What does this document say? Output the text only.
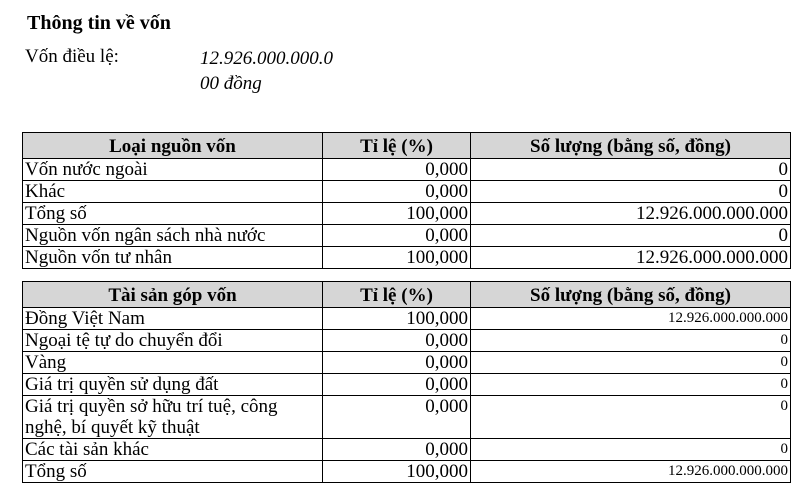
Thông tin về vốn
Vốn điều lệ:	12.926.000.000.0
00 đồng
Loại nguồn vốn	Tỉ lệ (%)	Số lượng (bằng số, đồng)
Vốn nước ngoài	0,000	0
Khác	0,000	0
Tổng số	100,000	12.926.000.000.000
Nguồn vốn ngân sách nhà nước	0,000	0
Nguồn vốn tư nhân	100,000	12.926.000.000.000
Tài sản góp vốn	Tỉ lệ (%)	Số lượng (bằng số, đồng)
Đồng Việt Nam	100,000	12.926.000.000.000
Ngoại tệ tự do chuyển đổi	0,000	0
Vàng	0,000	0
Giá trị quyền sử dụng đất	0,000	0
Giá trị quyền sở hữu trí tuệ, công nghệ, bí quyết kỹ thuật	0,000	0
Các tài sản khác	0,000	0
Tổng số	100,000	12.926.000.000.000
